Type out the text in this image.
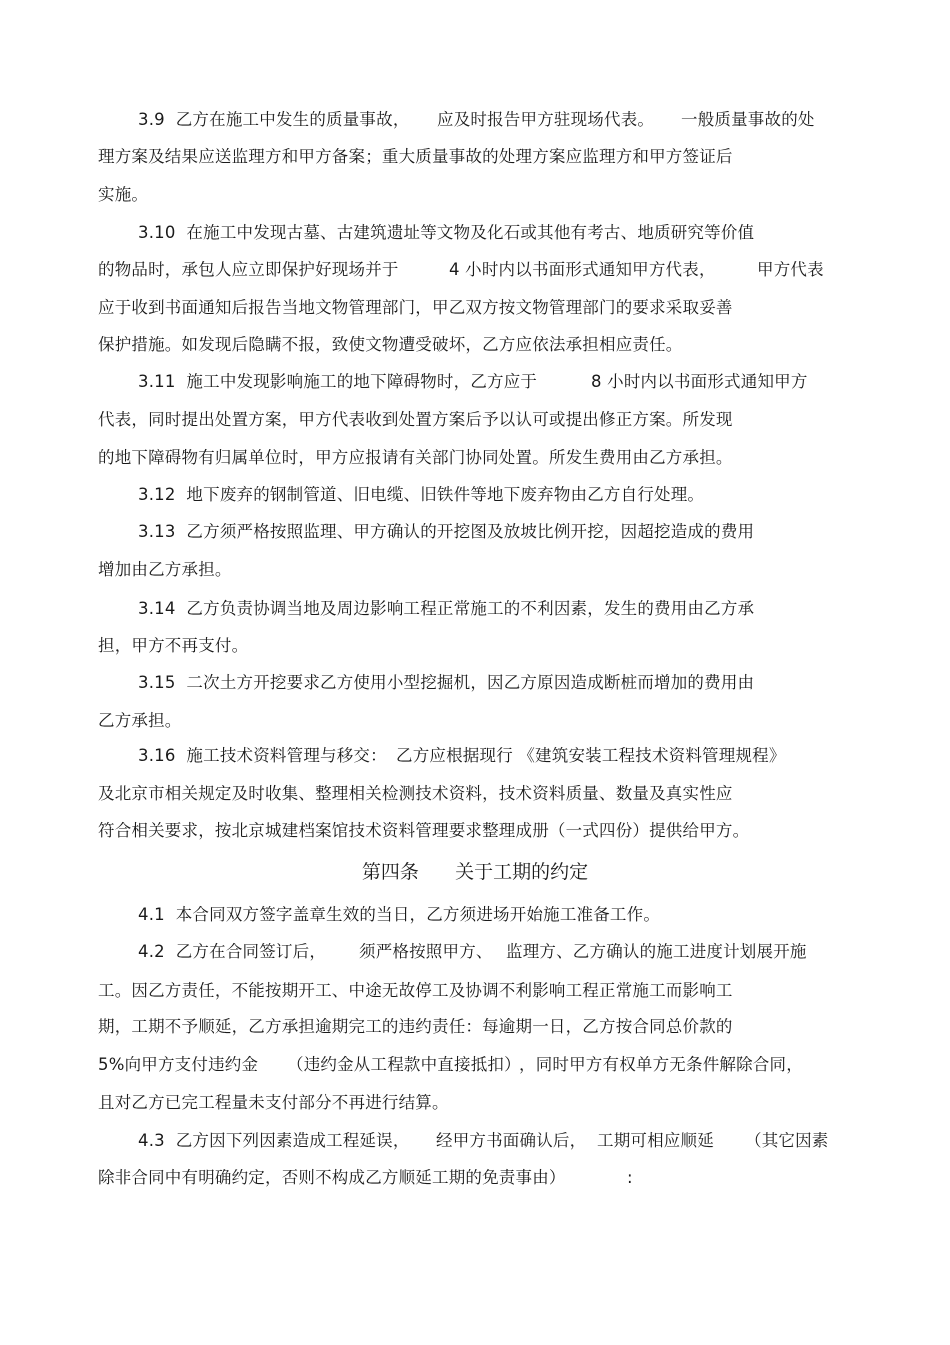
3.9  乙方在施工中发生的质量事故，

应及时报告甲方驻现场代表。

一般质量事故的处

理方案及结果应送监理方和甲方备案；重大质量事故的处理方案应监理方和甲方签证后

实施。

3.10  在施工中发现古墓、古建筑遗址等文物及化石或其他有考古、地质研究等价值

的物品时，承包人应立即保护好现场并于

	4 小时内以书面形式通知甲方代表，

	甲方代表

应于收到书面通知后报告当地文物管理部门，甲乙双方按文物管理部门的要求采取妥善

保护措施。如发现后隐瞒不报，致使文物遭受破坏，乙方应依法承担相应责任。

3.11  施工中发现影响施工的地下障碍物时，乙方应于

	8 小时内以书面形式通知甲方

代表，同时提出处置方案，甲方代表收到处置方案后予以认可或提出修正方案。所发现

的地下障碍物有归属单位时，甲方应报请有关部门协同处置。所发生费用由乙方承担。

3.12  地下废弃的钢制管道、旧电缆、旧铁件等地下废弃物由乙方自行处理。

3.13  乙方须严格按照监理、甲方确认的开挖图及放坡比例开挖，因超挖造成的费用

增加由乙方承担。

3.14  乙方负责协调当地及周边影响工程正常施工的不利因素，发生的费用由乙方承

担，甲方不再支付。

3.15  二次土方开挖要求乙方使用小型挖掘机，因乙方原因造成断桩而增加的费用由

乙方承担。

3.16  施工技术资料管理与移交：

乙方应根据现行 《建筑安装工程技术资料管理规程》

及北京市相关规定及时收集、整理相关检测技术资料，技术资料质量、数量及真实性应

符合相关要求，按北京城建档案馆技术资料管理要求整理成册（一式四份）提供给甲方。

第四条 关于工期的约定

4.1  本合同双方签字盖章生效的当日，乙方须进场开始施工准备工作。

4.2  乙方在合同签订后，

须严格按照甲方、

监理方、乙方确认的施工进度计划展开施

工。因乙方责任，不能按期开工、中途无故停工及协调不利影响工程正常施工而影响工

期，工期不予顺延，乙方承担逾期完工的违约责任：每逾期一日，乙方按合同总价款的

5%向甲方支付违约金

（违约金从工程款中直接抵扣）

，同时甲方有权单方无条件解除合同，

且对乙方已完工程量未支付部分不再进行结算。

4.3  乙方因下列因素造成工程延误，

经甲方书面确认后，

工期可相应顺延

（其它因素

除非合同中有明确约定，否则不构成乙方顺延工期的免责事由）

	:
